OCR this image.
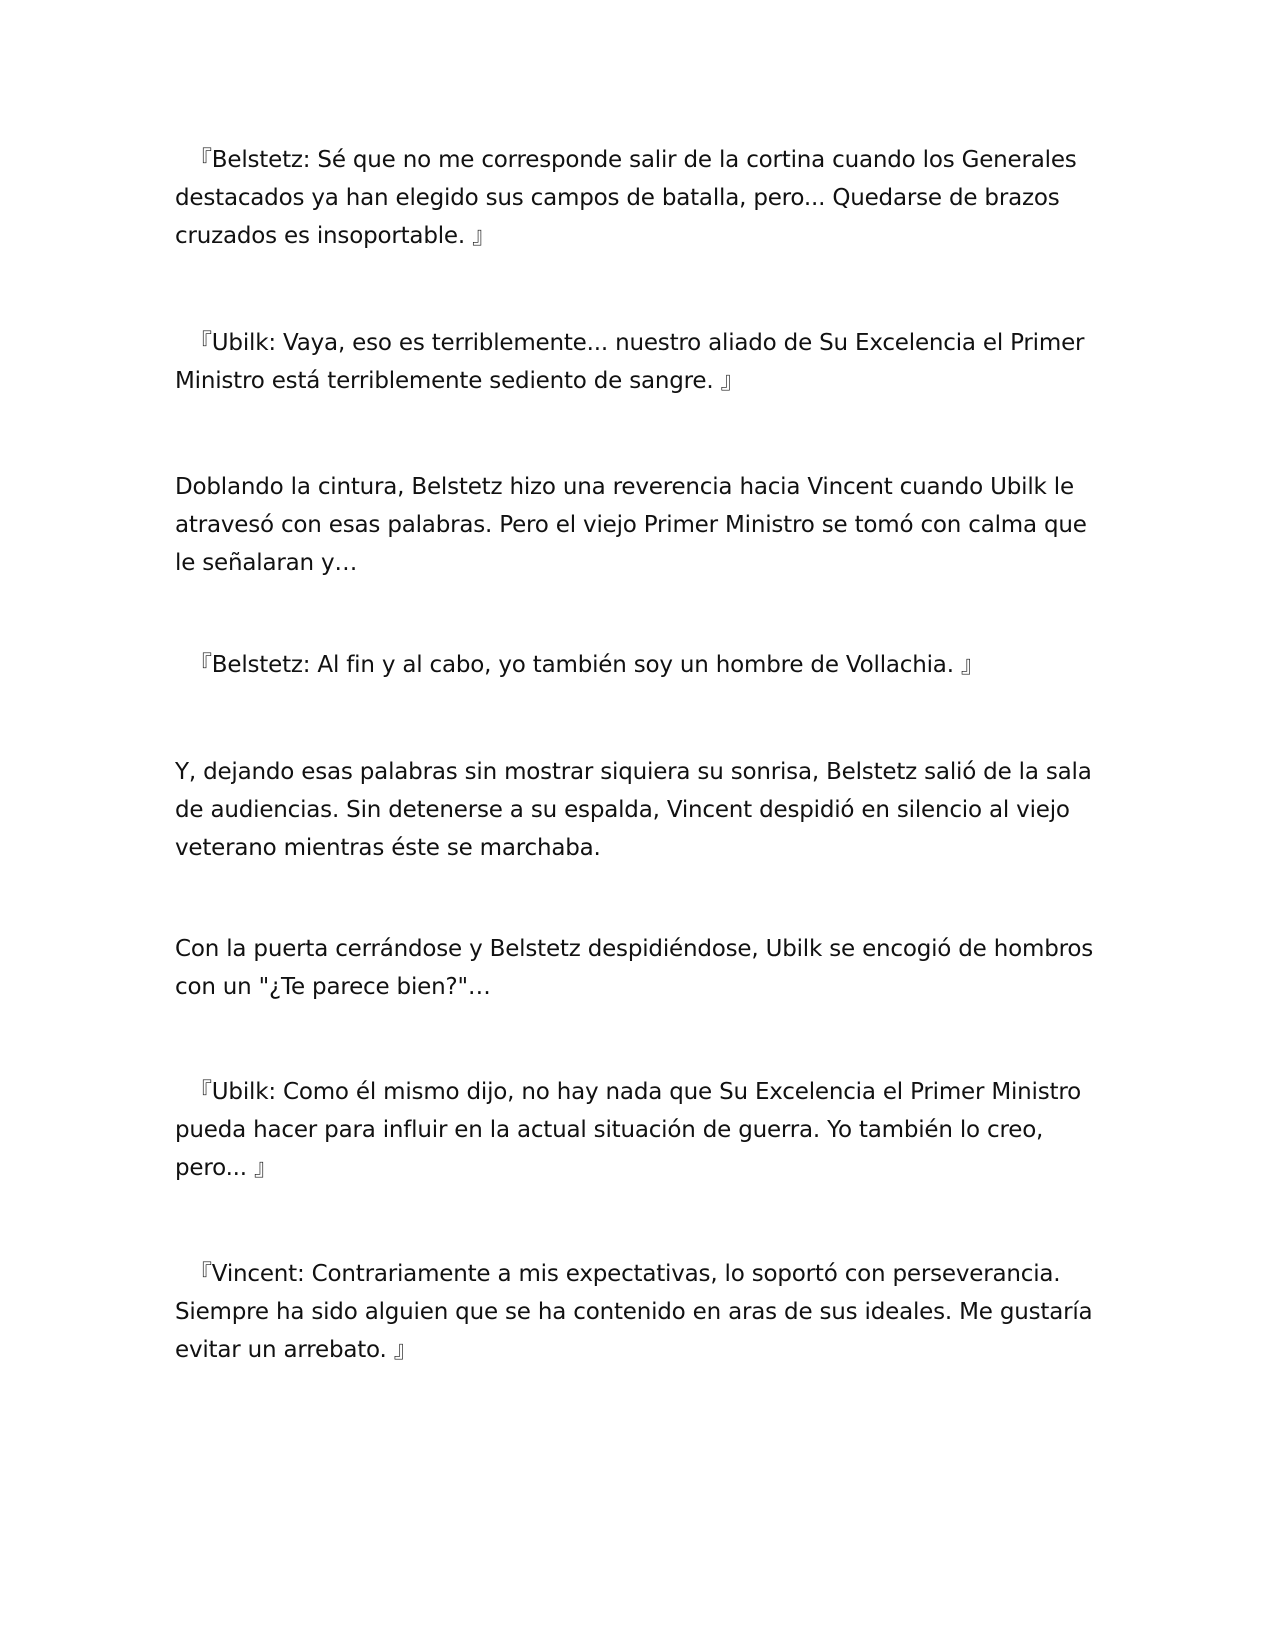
『Belstetz: Sé que no me corresponde salir de la cortina cuando los Generales destacados ya han elegido sus campos de batalla, pero... Quedarse de brazos cruzados es insoportable. 』

『Ubilk: Vaya, eso es terriblemente... nuestro aliado de Su Excelencia el Primer Ministro está terriblemente sediento de sangre. 』

Doblando la cintura, Belstetz hizo una reverencia hacia Vincent cuando Ubilk le atravesó con esas palabras. Pero el viejo Primer Ministro se tomó con calma que le señalaran y…

『Belstetz: Al fin y al cabo, yo también soy un hombre de Vollachia. 』

Y, dejando esas palabras sin mostrar siquiera su sonrisa, Belstetz salió de la sala de audiencias. Sin detenerse a su espalda, Vincent despidió en silencio al viejo veterano mientras éste se marchaba.

Con la puerta cerrándose y Belstetz despidiéndose, Ubilk se encogió de hombros con un "¿Te parece bien?"…

『Ubilk: Como él mismo dijo, no hay nada que Su Excelencia el Primer Ministro pueda hacer para influir en la actual situación de guerra. Yo también lo creo, pero... 』

『Vincent: Contrariamente a mis expectativas, lo soportó con perseverancia. Siempre ha sido alguien que se ha contenido en aras de sus ideales. Me gustaría evitar un arrebato. 』
